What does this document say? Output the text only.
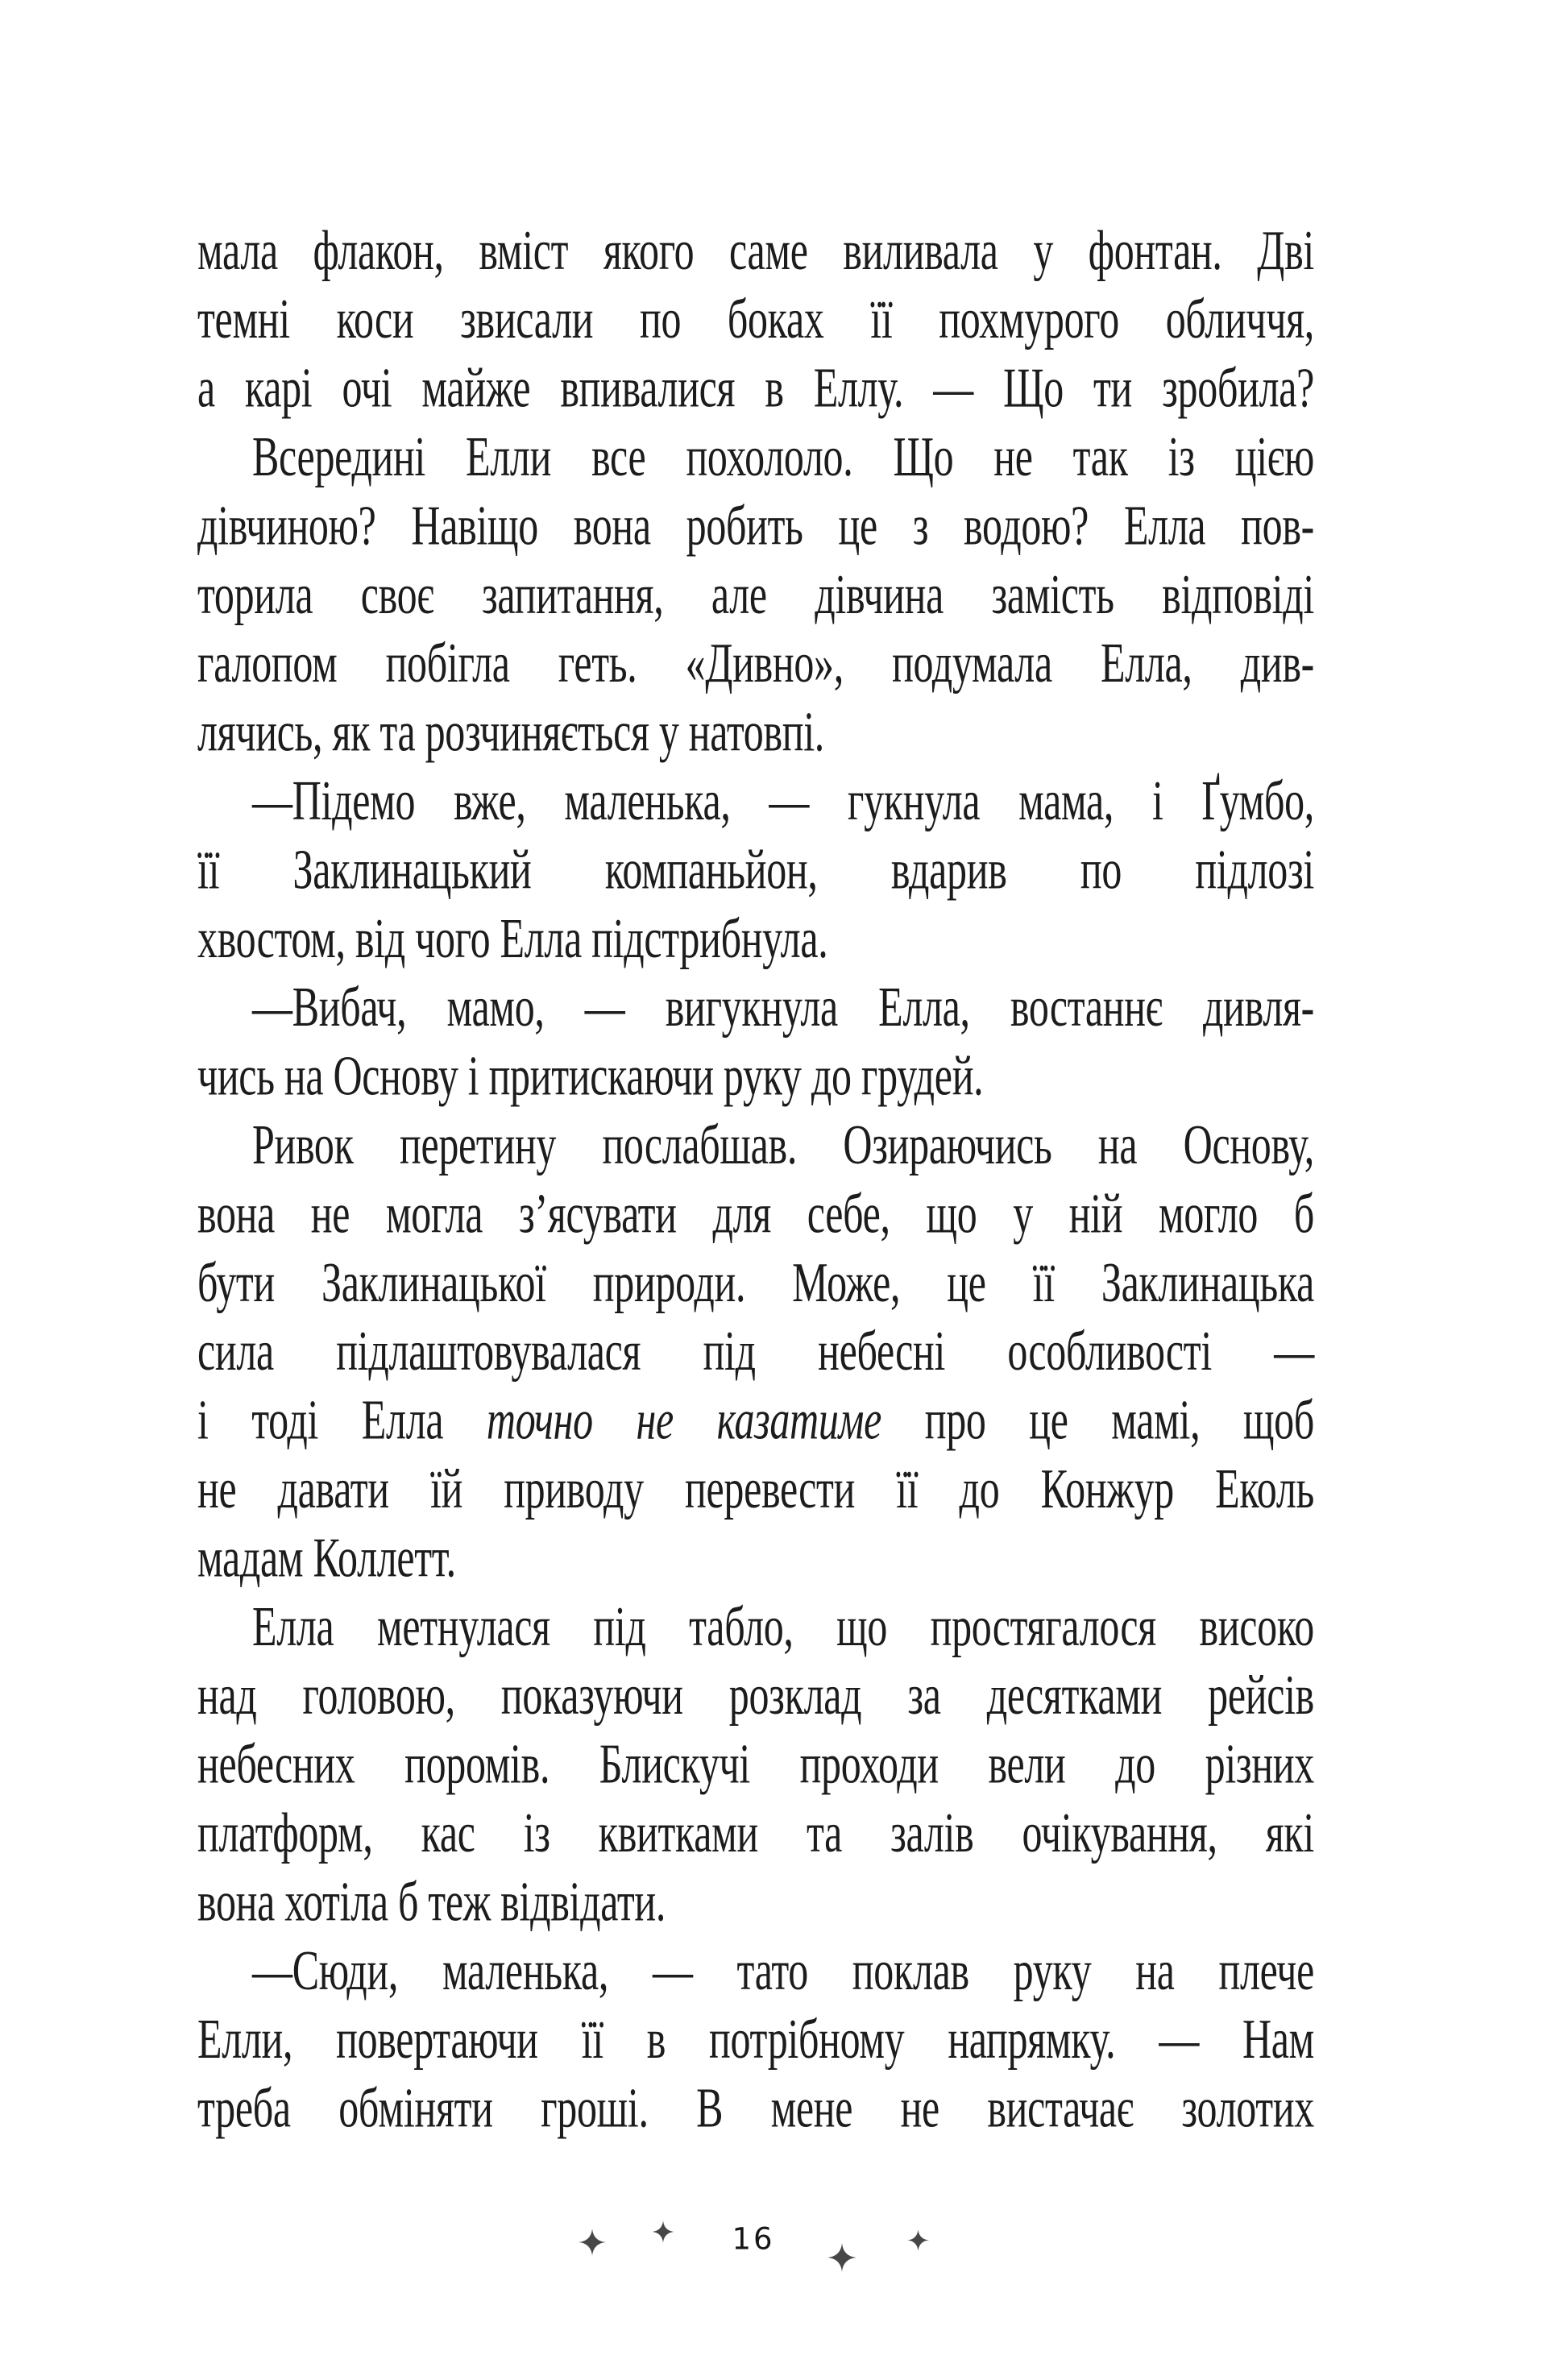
мала флакон, вміст якого саме виливала у фонтан. Дві
темні коси звисали по боках її похмурого обличчя,
а карі очі майже впивалися в Еллу. — Що ти зробила?
Всередині Елли все похололо. Що не так із цією
дівчиною? Навіщо вона робить це з водою? Елла пов-
торила своє запитання, але дівчина замість відповіді
галопом побігла геть. «Дивно», подумала Елла, див-
лячись, як та розчиняється у натовпі.
—Підемо вже, маленька, — гукнула мама, і Ґумбо,
її Заклинацький компаньйон, вдарив по підлозі
хвостом, від чого Елла підстрибнула.
—Вибач, мамо, — вигукнула Елла, востаннє дивля-
чись на Основу і притискаючи руку до грудей.
Ривок перетину послабшав. Озираючись на Основу,
вона не могла з’ясувати для себе, що у ній могло б
бути Заклинацької природи. Може, це її Заклинацька
сила підлаштовувалася під небесні особливості —
і тоді Елла точно не казатиме про це мамі, щоб
не давати їй приводу перевести її до Конжур Еколь
мадам Коллетт.
Елла метнулася під табло, що простягалося високо
над головою, показуючи розклад за десятками рейсів
небесних поромів. Блискучі проходи вели до різних
платформ, кас із квитками та залів очікування, які
вона хотіла б теж відвідати.
—Сюди, маленька, — тато поклав руку на плече
Елли, повертаючи її в потрібному напрямку. — Нам
треба обміняти гроші. В мене не вистачає золотих
16
